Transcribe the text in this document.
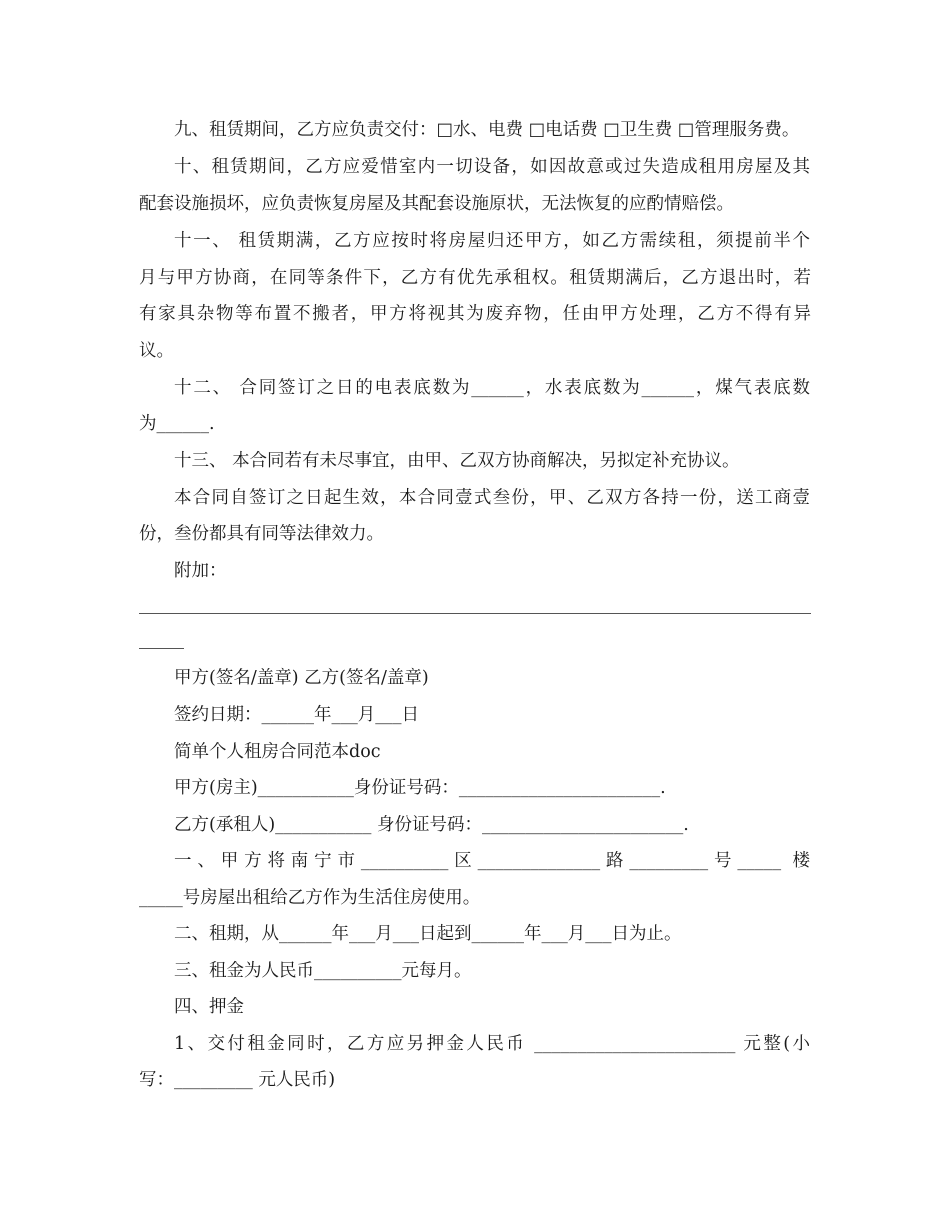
九、租赁期间，乙方应负责交付：□水、电费 □电话费 □卫生费 □管理服务费。
十、租赁期间，乙方应爱惜室内一切设备，如因故意或过失造成租用房屋及其
配套设施损坏，应负责恢复房屋及其配套设施原状，无法恢复的应酌情赔偿。
十一、 租赁期满，乙方应按时将房屋归还甲方，如乙方需续租，须提前半个
月与甲方协商，在同等条件下，乙方有优先承租权。租赁期满后，乙方退出时，若
有家具杂物等布置不搬者，甲方将视其为废弃物，任由甲方处理，乙方不得有异
议。
十二、 合同签订之日的电表底数为______，水表底数为______，煤气表底数
为______.
十三、 本合同若有未尽事宜，由甲、乙双方协商解决，另拟定补充协议。
本合同自签订之日起生效，本合同壹式叁份，甲、乙双方各持一份，送工商壹
份，叁份都具有同等法律效力。
附加：
甲方(签名/盖章) 乙方(签名/盖章)
签约日期：______年___月___日
简单个人租房合同范本doc
甲方(房主)___________身份证号码：_______________________.
乙方(承租人)___________ 身份证号码：_______________________.
一、甲方将南宁市__________区______________路_________号_____ 楼
_____号房屋出租给乙方作为生活住房使用。
二、租期，从______年___月___日起到______年___月___日为止。
三、租金为人民币__________元每月。
四、押金
1、交付租金同时，乙方应另押金人民币 _______________________ 元整(小
写：_________ 元人民币)
